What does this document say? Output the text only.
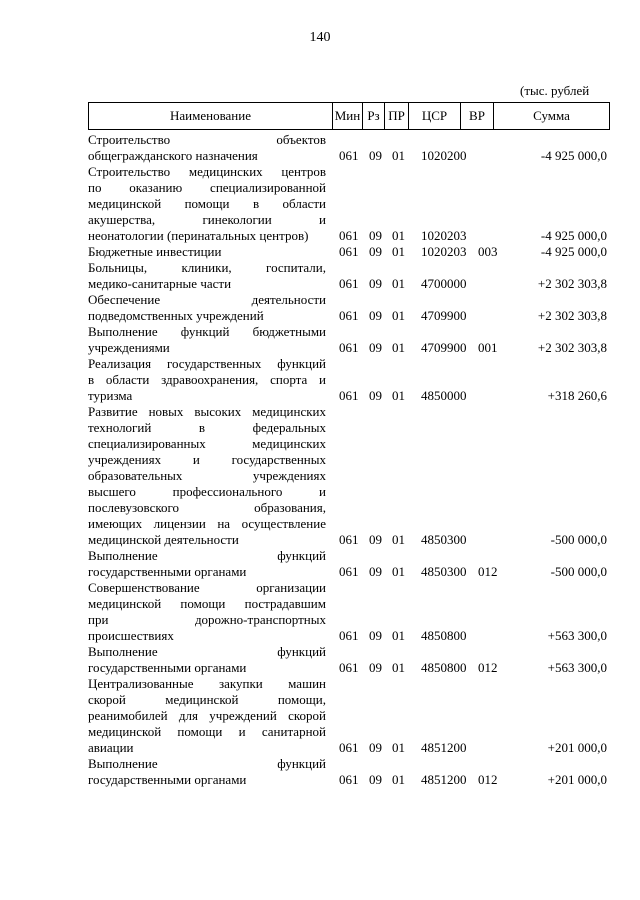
140
(тыс. рублей
Наименование	Мин Рз ПР	ЦСР	ВР	Сумма
Строительство объектов
общегражданского назначения	061 09 01 1020200	-4 925 000,0
Строительство медицинских центров
по оказанию специализированной
медицинской помощи в области
акушерства, гинекологии и
неонатологии (перинатальных центров)	061 09 01 1020203	-4 925 000,0
Бюджетные инвестиции	061 09 01 1020203 003	-4 925 000,0
Больницы, клиники, госпитали,
медико-санитарные части	061 09 01 4700000	+2 302 303,8
Обеспечение деятельности
подведомственных учреждений	061 09 01 4709900	+2 302 303,8
Выполнение функций бюджетными
учреждениями	061 09 01 4709900 001	+2 302 303,8
Реализация государственных функций
в области здравоохранения, спорта и
туризма	061 09 01 4850000	+318 260,6
Развитие новых высоких медицинских
технологий в федеральных
специализированных медицинских
учреждениях и государственных
образовательных учреждениях
высшего профессионального и
послевузовского образования,
имеющих лицензии на осуществление
медицинской деятельности	061 09 01 4850300	-500 000,0
Выполнение функций
государственными органами	061 09 01 4850300 012	-500 000,0
Совершенствование организации
медицинской помощи пострадавшим
при дорожно-транспортных
происшествиях	061 09 01 4850800	+563 300,0
Выполнение функций
государственными органами	061 09 01 4850800 012	+563 300,0
Централизованные закупки машин
скорой медицинской помощи,
реанимобилей для учреждений скорой
медицинской помощи и санитарной
авиации	061 09 01 4851200	+201 000,0
Выполнение функций
государственными органами	061 09 01 4851200 012	+201 000,0
